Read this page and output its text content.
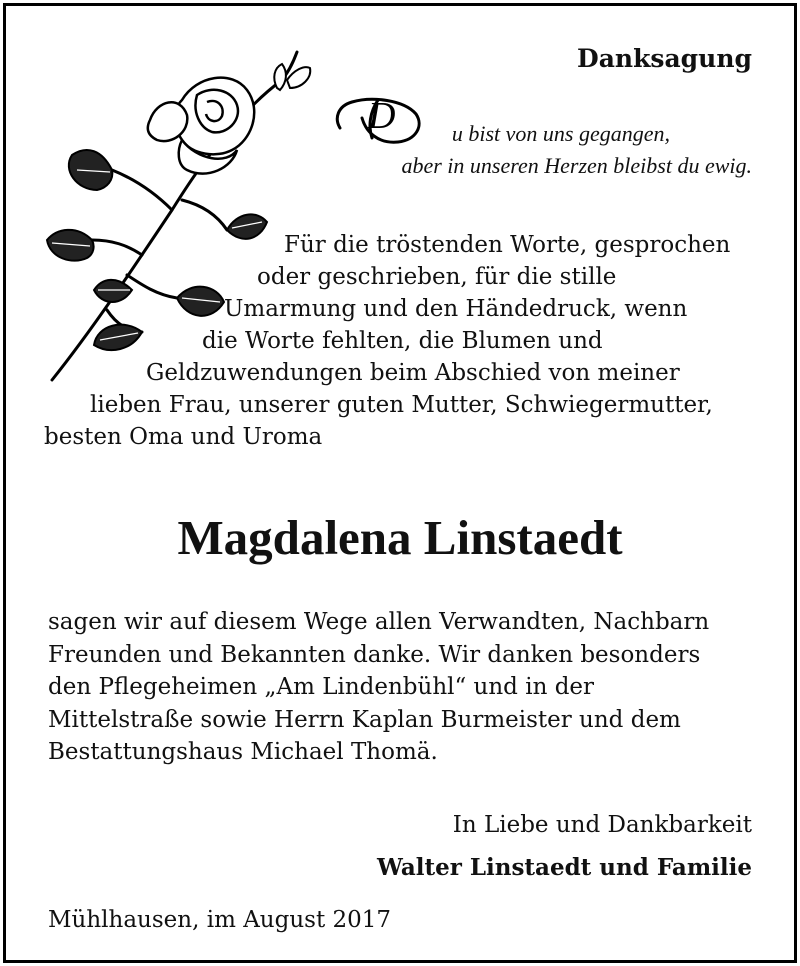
Danksagung
D	u bist von uns gegangen,
aber in unseren Herzen bleibst du ewig.
Für die tröstenden Worte, gesprochen
oder geschrieben, für die stille
Umarmung und den Händedruck, wenn
die Worte fehlten, die Blumen und
Geldzuwendungen beim Abschied von meiner
lieben Frau, unserer guten Mutter, Schwiegermutter,
besten Oma und Uroma
Magdalena Linstaedt
sagen wir auf diesem Wege allen Verwandten, Nachbarn
Freunden und Bekannten danke. Wir danken besonders
den Pflegeheimen „Am Lindenbühl“ und in der
Mittelstraße sowie Herrn Kaplan Burmeister und dem
Bestattungshaus Michael Thomä.
In Liebe und Dankbarkeit
Walter Linstaedt und Familie
Mühlhausen, im August 2017
